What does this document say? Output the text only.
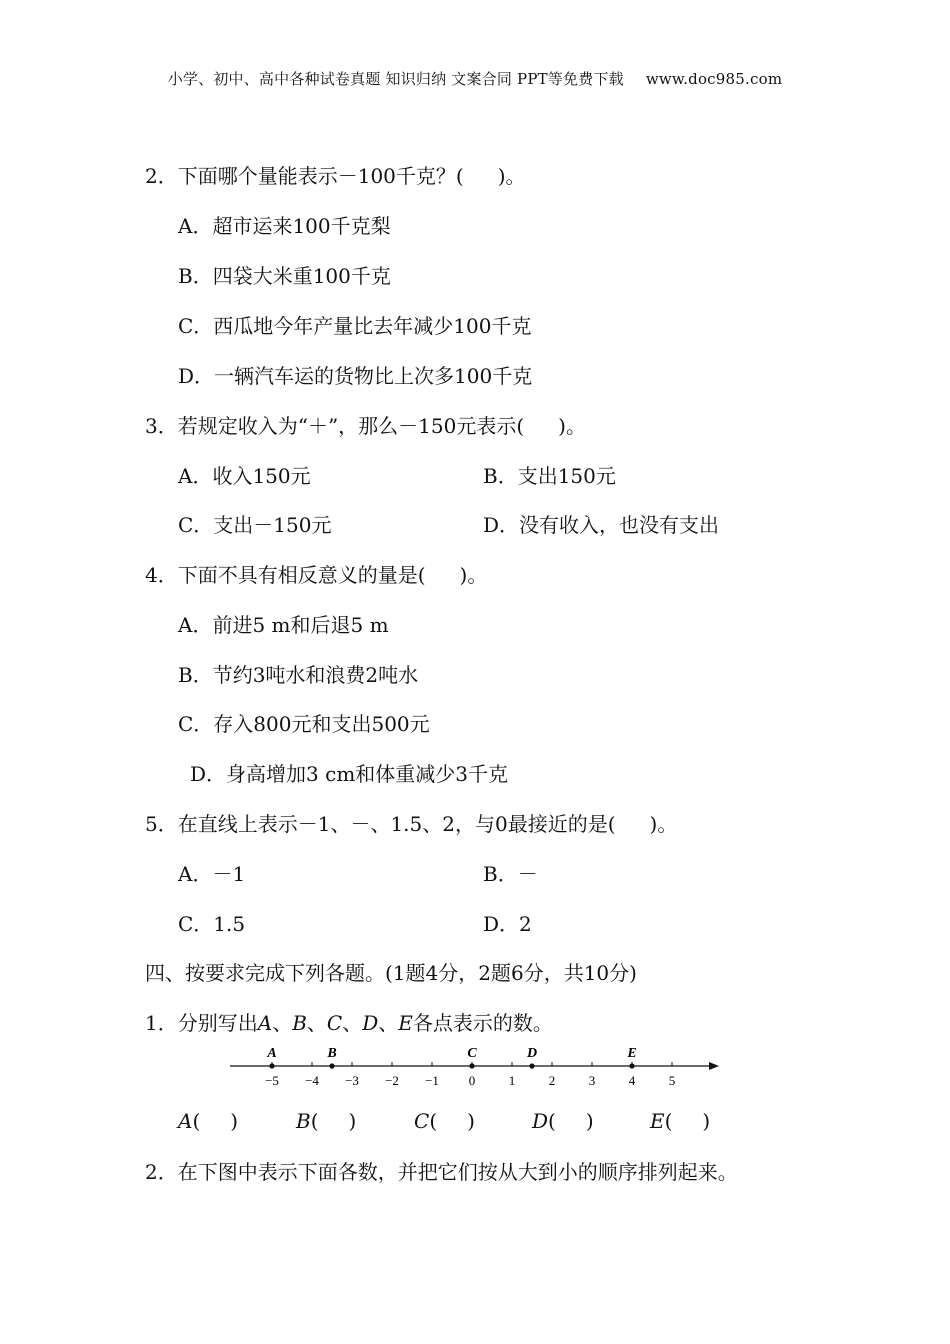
小学、初中、高中各种试卷真题 知识归纳 文案合同 PPT等免费下载 www.doc985.com
2．下面哪个量能表示－100千克？( )。
A．超市运来100千克梨
B．四袋大米重100千克
C．西瓜地今年产量比去年减少100千克
D．一辆汽车运的货物比上次多100千克
3．若规定收入为“＋”，那么－150元表示( )。
A．收入150元	B．支出150元
C．支出－150元	D．没有收入，也没有支出
4．下面不具有相反意义的量是( )。
A．前进5 m和后退5 m
B．节约3吨水和浪费2吨水
C．存入800元和支出500元
D．身高增加3 cm和体重减少3千克
5．在直线上表示－1、－、1.5、2，与0最接近的是( )。
A．－1	B．－
C．1.5	D．2
四、按要求完成下列各题。(1题4分，2题6分，共10分)
1．分别写出A、B、C、D、E各点表示的数。
−5 −4 −3 −2 −1 0	1	2	3	4	5
A	B	C	D	E
A( )	B( )	C( )	D( )	E( )
2．在下图中表示下面各数，并把它们按从大到小的顺序排列起来。
